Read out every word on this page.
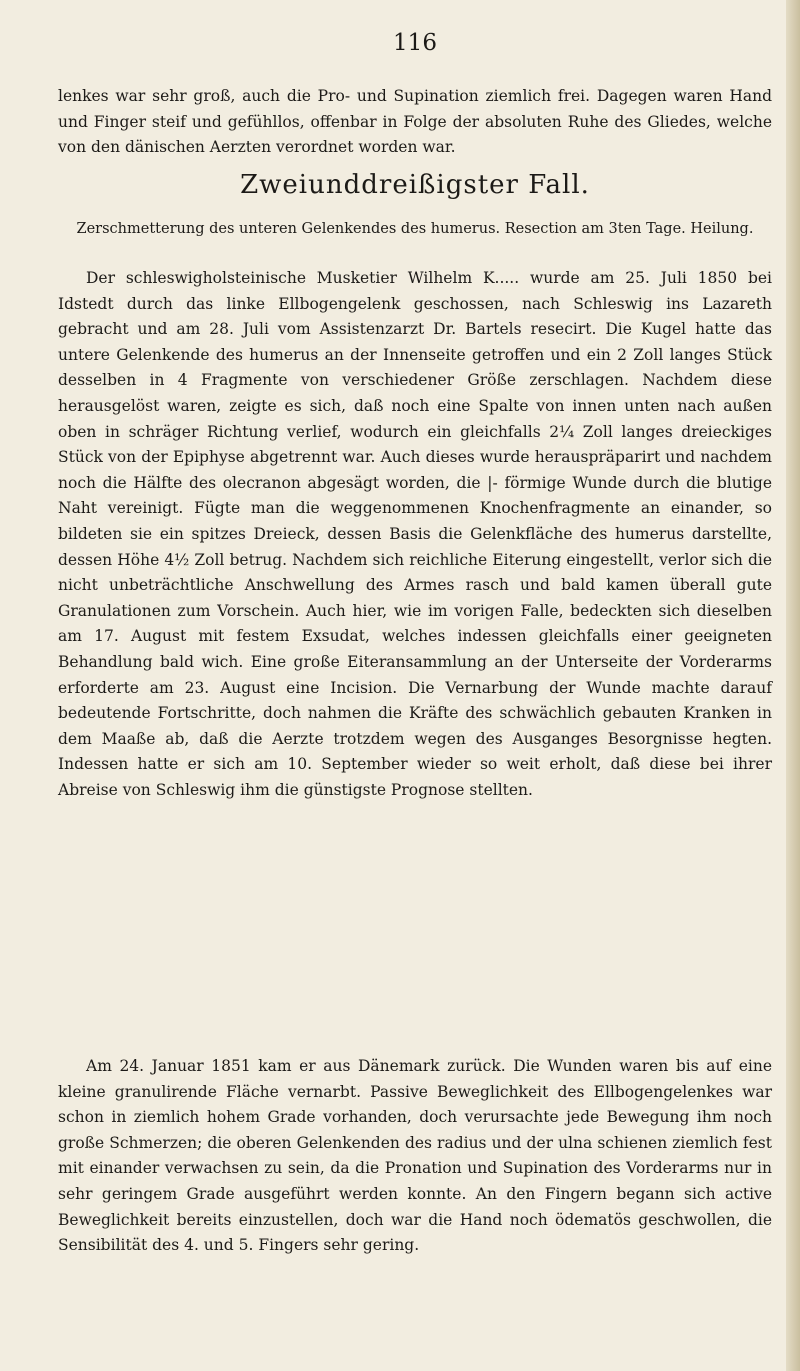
116

lenkes war sehr groß, auch die Pro- und Supination ziemlich frei. Dagegen waren Hand und Finger steif und gefühllos, offenbar in Folge der absoluten Ruhe des Gliedes, welche von den dänischen Aerzten verordnet worden war.

Zweiunddreißigster Fall.

Zerschmetterung des unteren Gelenkendes des humerus. Resection am 3ten Tage. Heilung.

Der schleswigholsteinische Musketier Wilhelm K..... wurde am 25. Juli 1850 bei Idstedt durch das linke Ellbogengelenk geschossen, nach Schleswig ins Lazareth gebracht und am 28. Juli vom Assistenzarzt Dr. Bartels resecirt. Die Kugel hatte das untere Gelenkende des humerus an der Innenseite getroffen und ein 2 Zoll langes Stück desselben in 4 Fragmente von verschiedener Größe zerschlagen. Nachdem diese herausgelöst waren, zeigte es sich, daß noch eine Spalte von innen unten nach außen oben in schräger Richtung verlief, wodurch ein gleichfalls 2¼ Zoll langes dreieckiges Stück von der Epiphyse abgetrennt war. Auch dieses wurde herauspräparirt und nachdem noch die Hälfte des olecranon abgesägt worden, die |- förmige Wunde durch die blutige Naht vereinigt. Fügte man die weggenommenen Knochenfragmente an einander, so bildeten sie ein spitzes Dreieck, dessen Basis die Gelenkfläche des humerus darstellte, dessen Höhe 4½ Zoll betrug. Nachdem sich reichliche Eiterung eingestellt, verlor sich die nicht unbeträchtliche Anschwellung des Armes rasch und bald kamen überall gute Granulationen zum Vorschein. Auch hier, wie im vorigen Falle, bedeckten sich dieselben am 17. August mit festem Exsudat, welches indessen gleichfalls einer geeigneten Behandlung bald wich. Eine große Eiteransammlung an der Unterseite der Vorderarms erforderte am 23. August eine Incision. Die Vernarbung der Wunde machte darauf bedeutende Fortschritte, doch nahmen die Kräfte des schwächlich gebauten Kranken in dem Maaße ab, daß die Aerzte trotzdem wegen des Ausganges Besorgnisse hegten. Indessen hatte er sich am 10. September wieder so weit erholt, daß diese bei ihrer Abreise von Schleswig ihm die günstigste Prognose stellten.

Am 24. Januar 1851 kam er aus Dänemark zurück. Die Wunden waren bis auf eine kleine granulirende Fläche vernarbt. Passive Beweglichkeit des Ellbogengelenkes war schon in ziemlich hohem Grade vorhanden, doch verursachte jede Bewegung ihm noch große Schmerzen; die oberen Gelenkenden des radius und der ulna schienen ziemlich fest mit einander verwachsen zu sein, da die Pronation und Supination des Vorderarms nur in sehr geringem Grade ausgeführt werden konnte. An den Fingern begann sich active Beweglichkeit bereits einzustellen, doch war die Hand noch ödematös geschwollen, die Sensibilität des 4. und 5. Fingers sehr gering.
